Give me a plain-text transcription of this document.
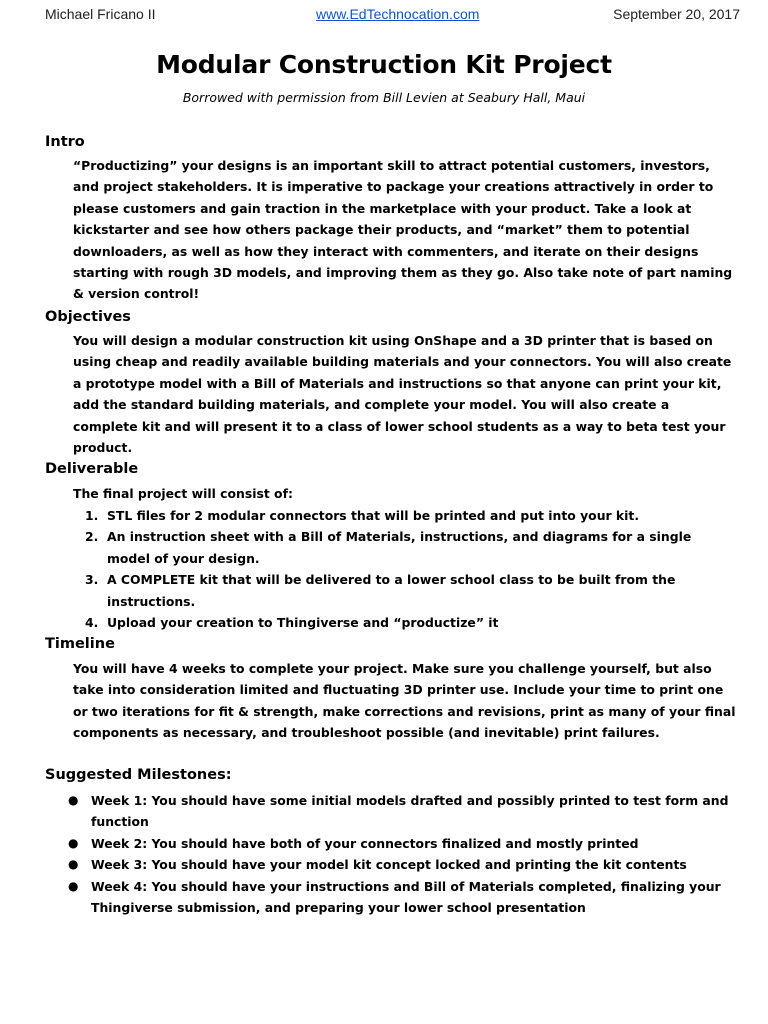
Michael Fricano II	www.EdTechnocation.com	September 20, 2017
Modular Construction Kit Project
Borrowed with permission from Bill Levien at Seabury Hall, Maui
Intro
“Productizing” your designs is an important skill to attract potential customers, investors, and project stakeholders. It is imperative to package your creations attractively in order to please customers and gain traction in the marketplace with your product. Take a look at kickstarter and see how others package their products, and “market” them to potential downloaders, as well as how they interact with commenters, and iterate on their designs starting with rough 3D models, and improving them as they go. Also take note of part naming & version control!
Objectives
You will design a modular construction kit using OnShape and a 3D printer that is based on using cheap and readily available building materials and your connectors. You will also create a prototype model with a Bill of Materials and instructions so that anyone can print your kit, add the standard building materials, and complete your model. You will also create a complete kit and will present it to a class of lower school students as a way to beta test your product.
Deliverable
The final project will consist of:
1. STL files for 2 modular connectors that will be printed and put into your kit.
2. An instruction sheet with a Bill of Materials, instructions, and diagrams for a single model of your design.
3. A COMPLETE kit that will be delivered to a lower school class to be built from the instructions.
4. Upload your creation to Thingiverse and “productize” it
Timeline
You will have 4 weeks to complete your project. Make sure you challenge yourself, but also take into consideration limited and fluctuating 3D printer use. Include your time to print one or two iterations for fit & strength, make corrections and revisions, print as many of your final components as necessary, and troubleshoot possible (and inevitable) print failures.
Suggested Milestones:
● Week 1: You should have some initial models drafted and possibly printed to test form and function
● Week 2: You should have both of your connectors finalized and mostly printed
● Week 3: You should have your model kit concept locked and printing the kit contents
● Week 4: You should have your instructions and Bill of Materials completed, finalizing your Thingiverse submission, and preparing your lower school presentation
